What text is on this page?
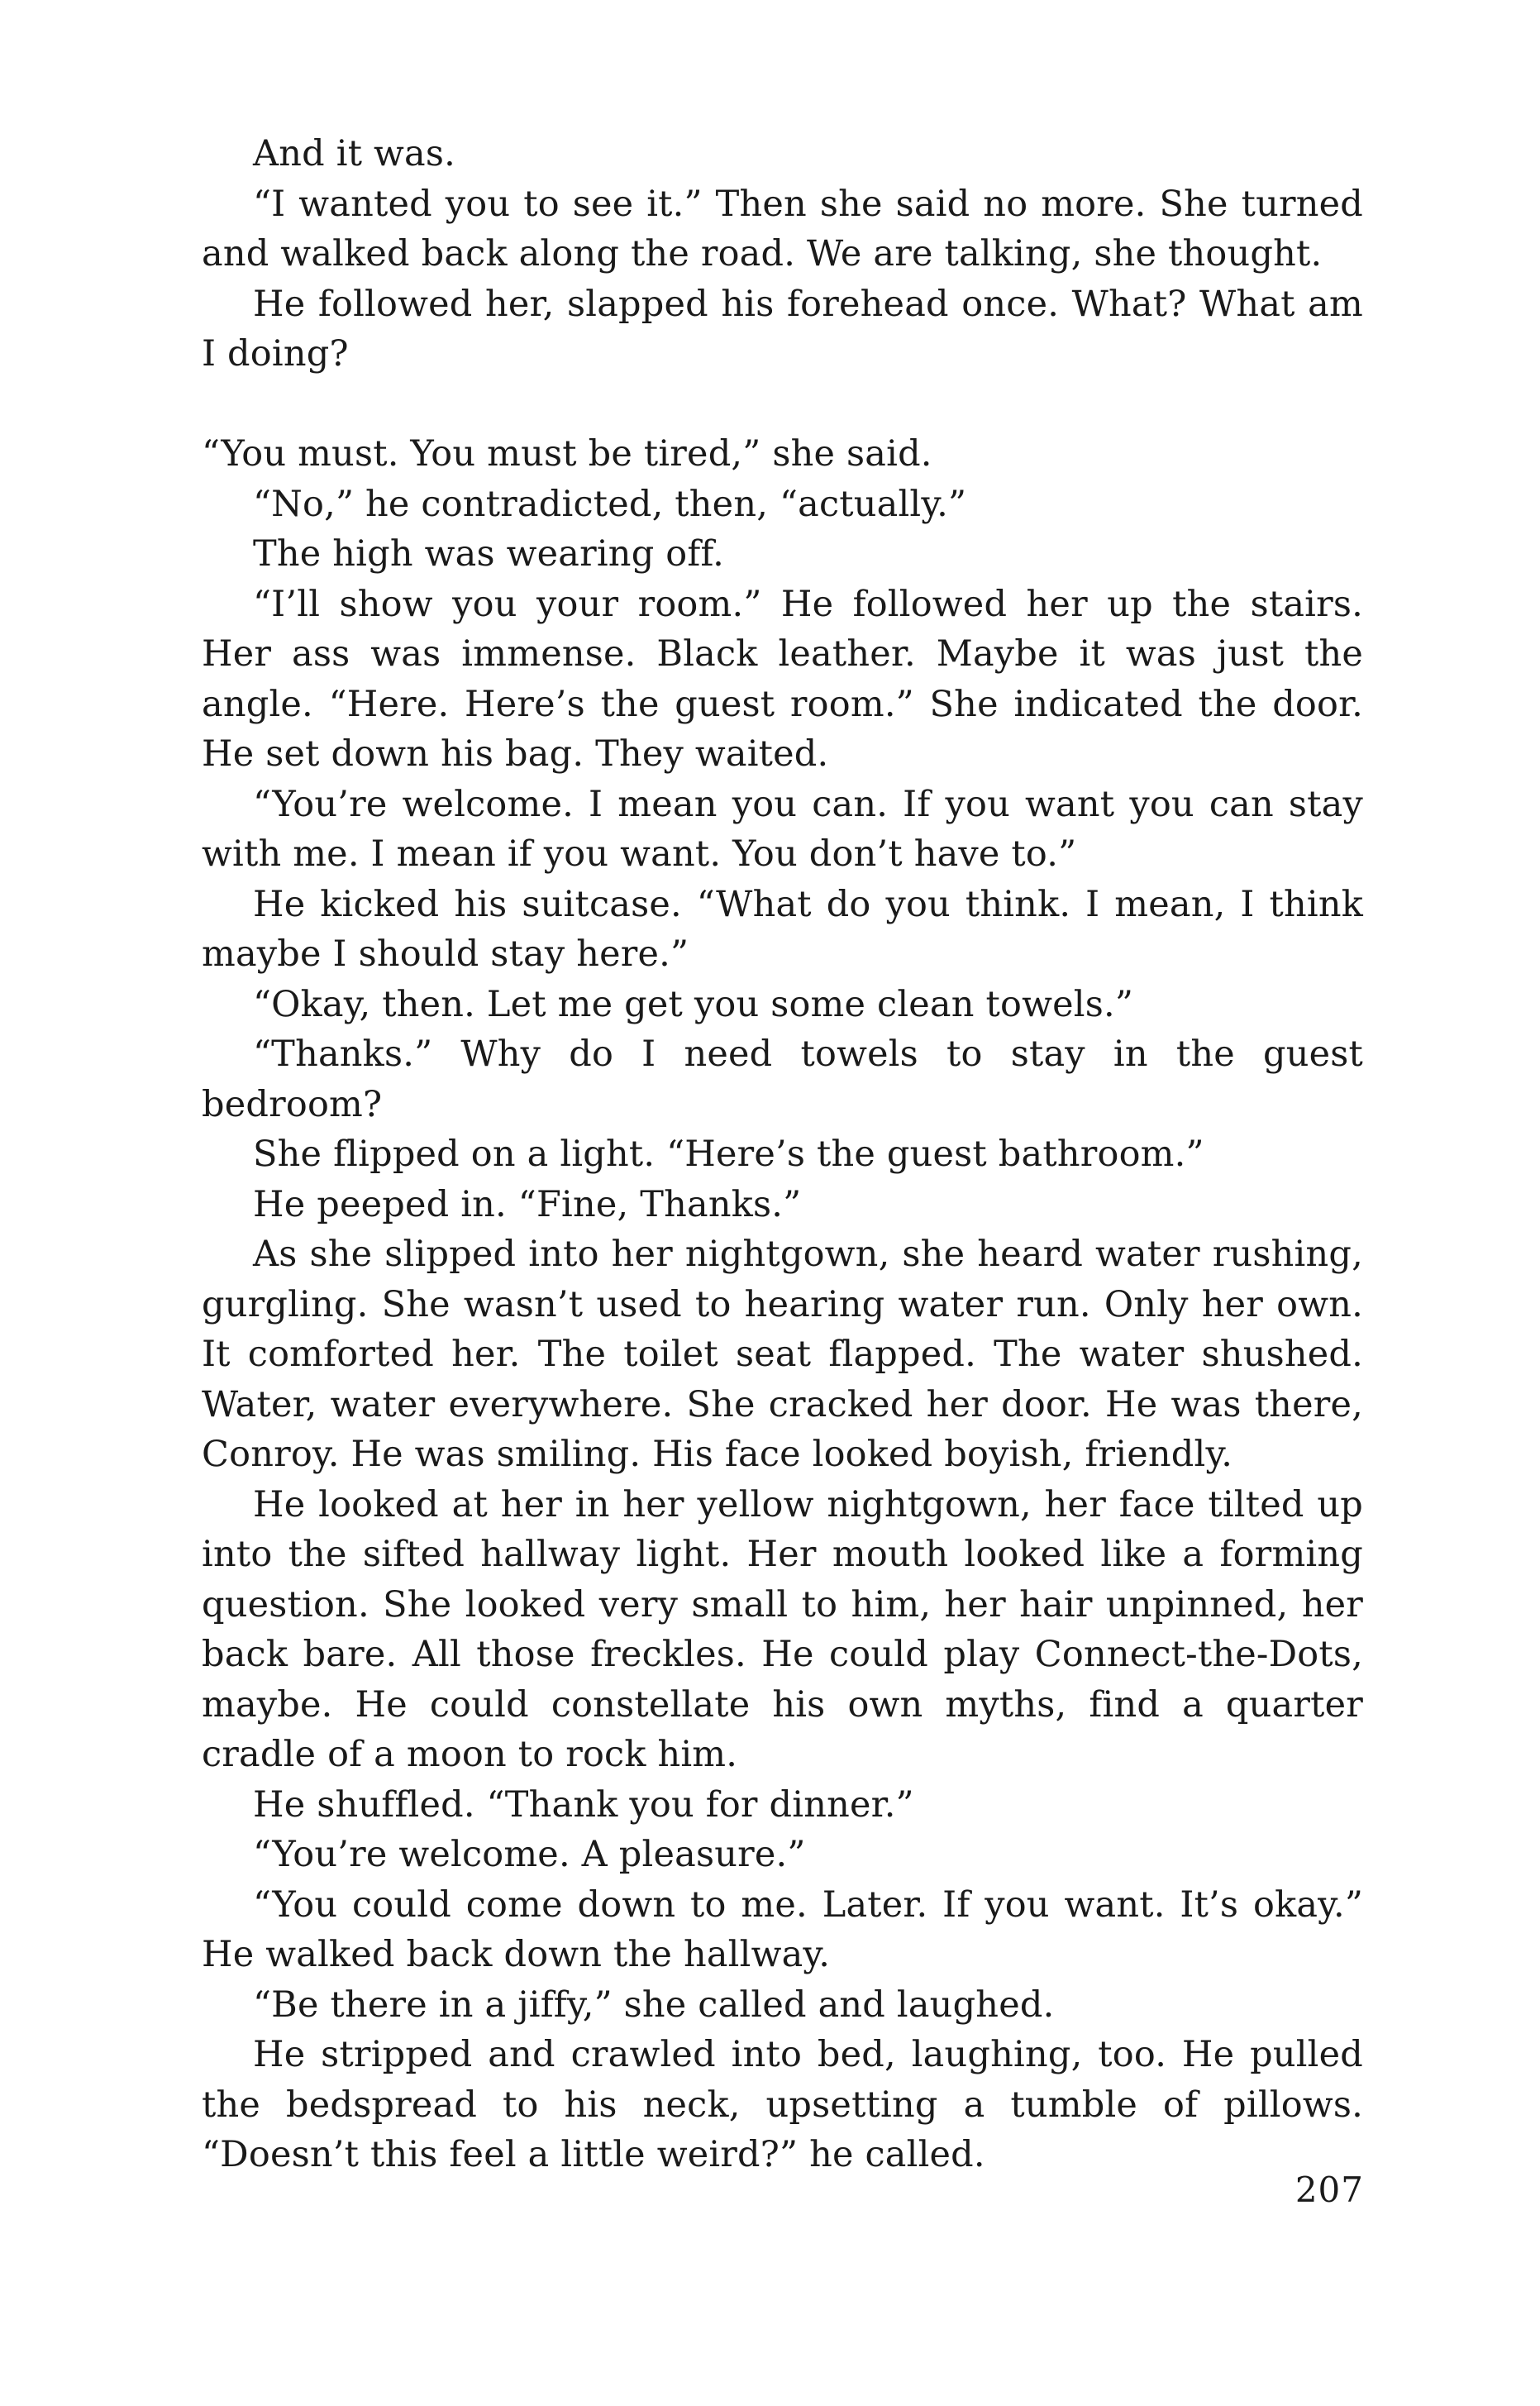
And it was.

“I wanted you to see it.” Then she said no more. She turned and walked back along the road. We are talking, she thought.

He followed her, slapped his forehead once. What? What am I doing?

“You must. You must be tired,” she said.

“No,” he contradicted, then, “actually.”

The high was wearing off.

“I’ll show you your room.” He followed her up the stairs. Her ass was immense. Black leather. Maybe it was just the angle. “Here. Here’s the guest room.” She indicated the door. He set down his bag. They waited.

“You’re welcome. I mean you can. If you want you can stay with me. I mean if you want. You don’t have to.”

He kicked his suitcase. “What do you think. I mean, I think maybe I should stay here.”

“Okay, then. Let me get you some clean towels.”

“Thanks.” Why do I need towels to stay in the guest bedroom?

She flipped on a light. “Here’s the guest bathroom.”

He peeped in. “Fine, Thanks.”

As she slipped into her nightgown, she heard water rushing, gurgling. She wasn’t used to hearing water run. Only her own. It comforted her. The toilet seat flapped. The water shushed. Water, water everywhere. She cracked her door. He was there, Conroy. He was smiling. His face looked boyish, friendly.

He looked at her in her yellow nightgown, her face tilted up into the sifted hallway light. Her mouth looked like a forming question. She looked very small to him, her hair unpinned, her back bare. All those freckles. He could play Connect-the-Dots, maybe. He could constellate his own myths, find a quarter cradle of a moon to rock him.

He shuffled. “Thank you for dinner.”

“You’re welcome. A pleasure.”

“You could come down to me. Later. If you want. It’s okay.” He walked back down the hallway.

“Be there in a jiffy,” she called and laughed.

He stripped and crawled into bed, laughing, too. He pulled the bedspread to his neck, upsetting a tumble of pillows. “Doesn’t this feel a little weird?” he called.

207
